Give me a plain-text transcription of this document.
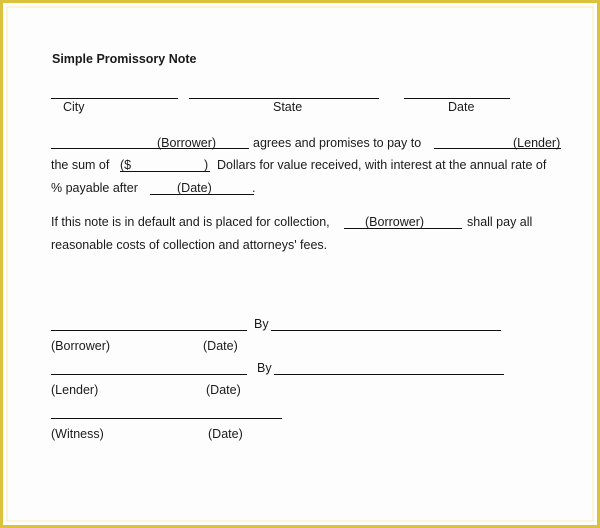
Simple Promissory Note
City	State	Date
(Borrower)	agrees and promises to pay to	(Lender)
the sum of ($	) Dollars for value received, with interest at the annual rate of
% payable after	(Date)	.
If this note is in default and is placed for collection,	(Borrower)	shall pay all
reasonable costs of collection and attorneys' fees.
By
(Borrower)	(Date)
By
(Lender)	(Date)
(Witness)	(Date)
